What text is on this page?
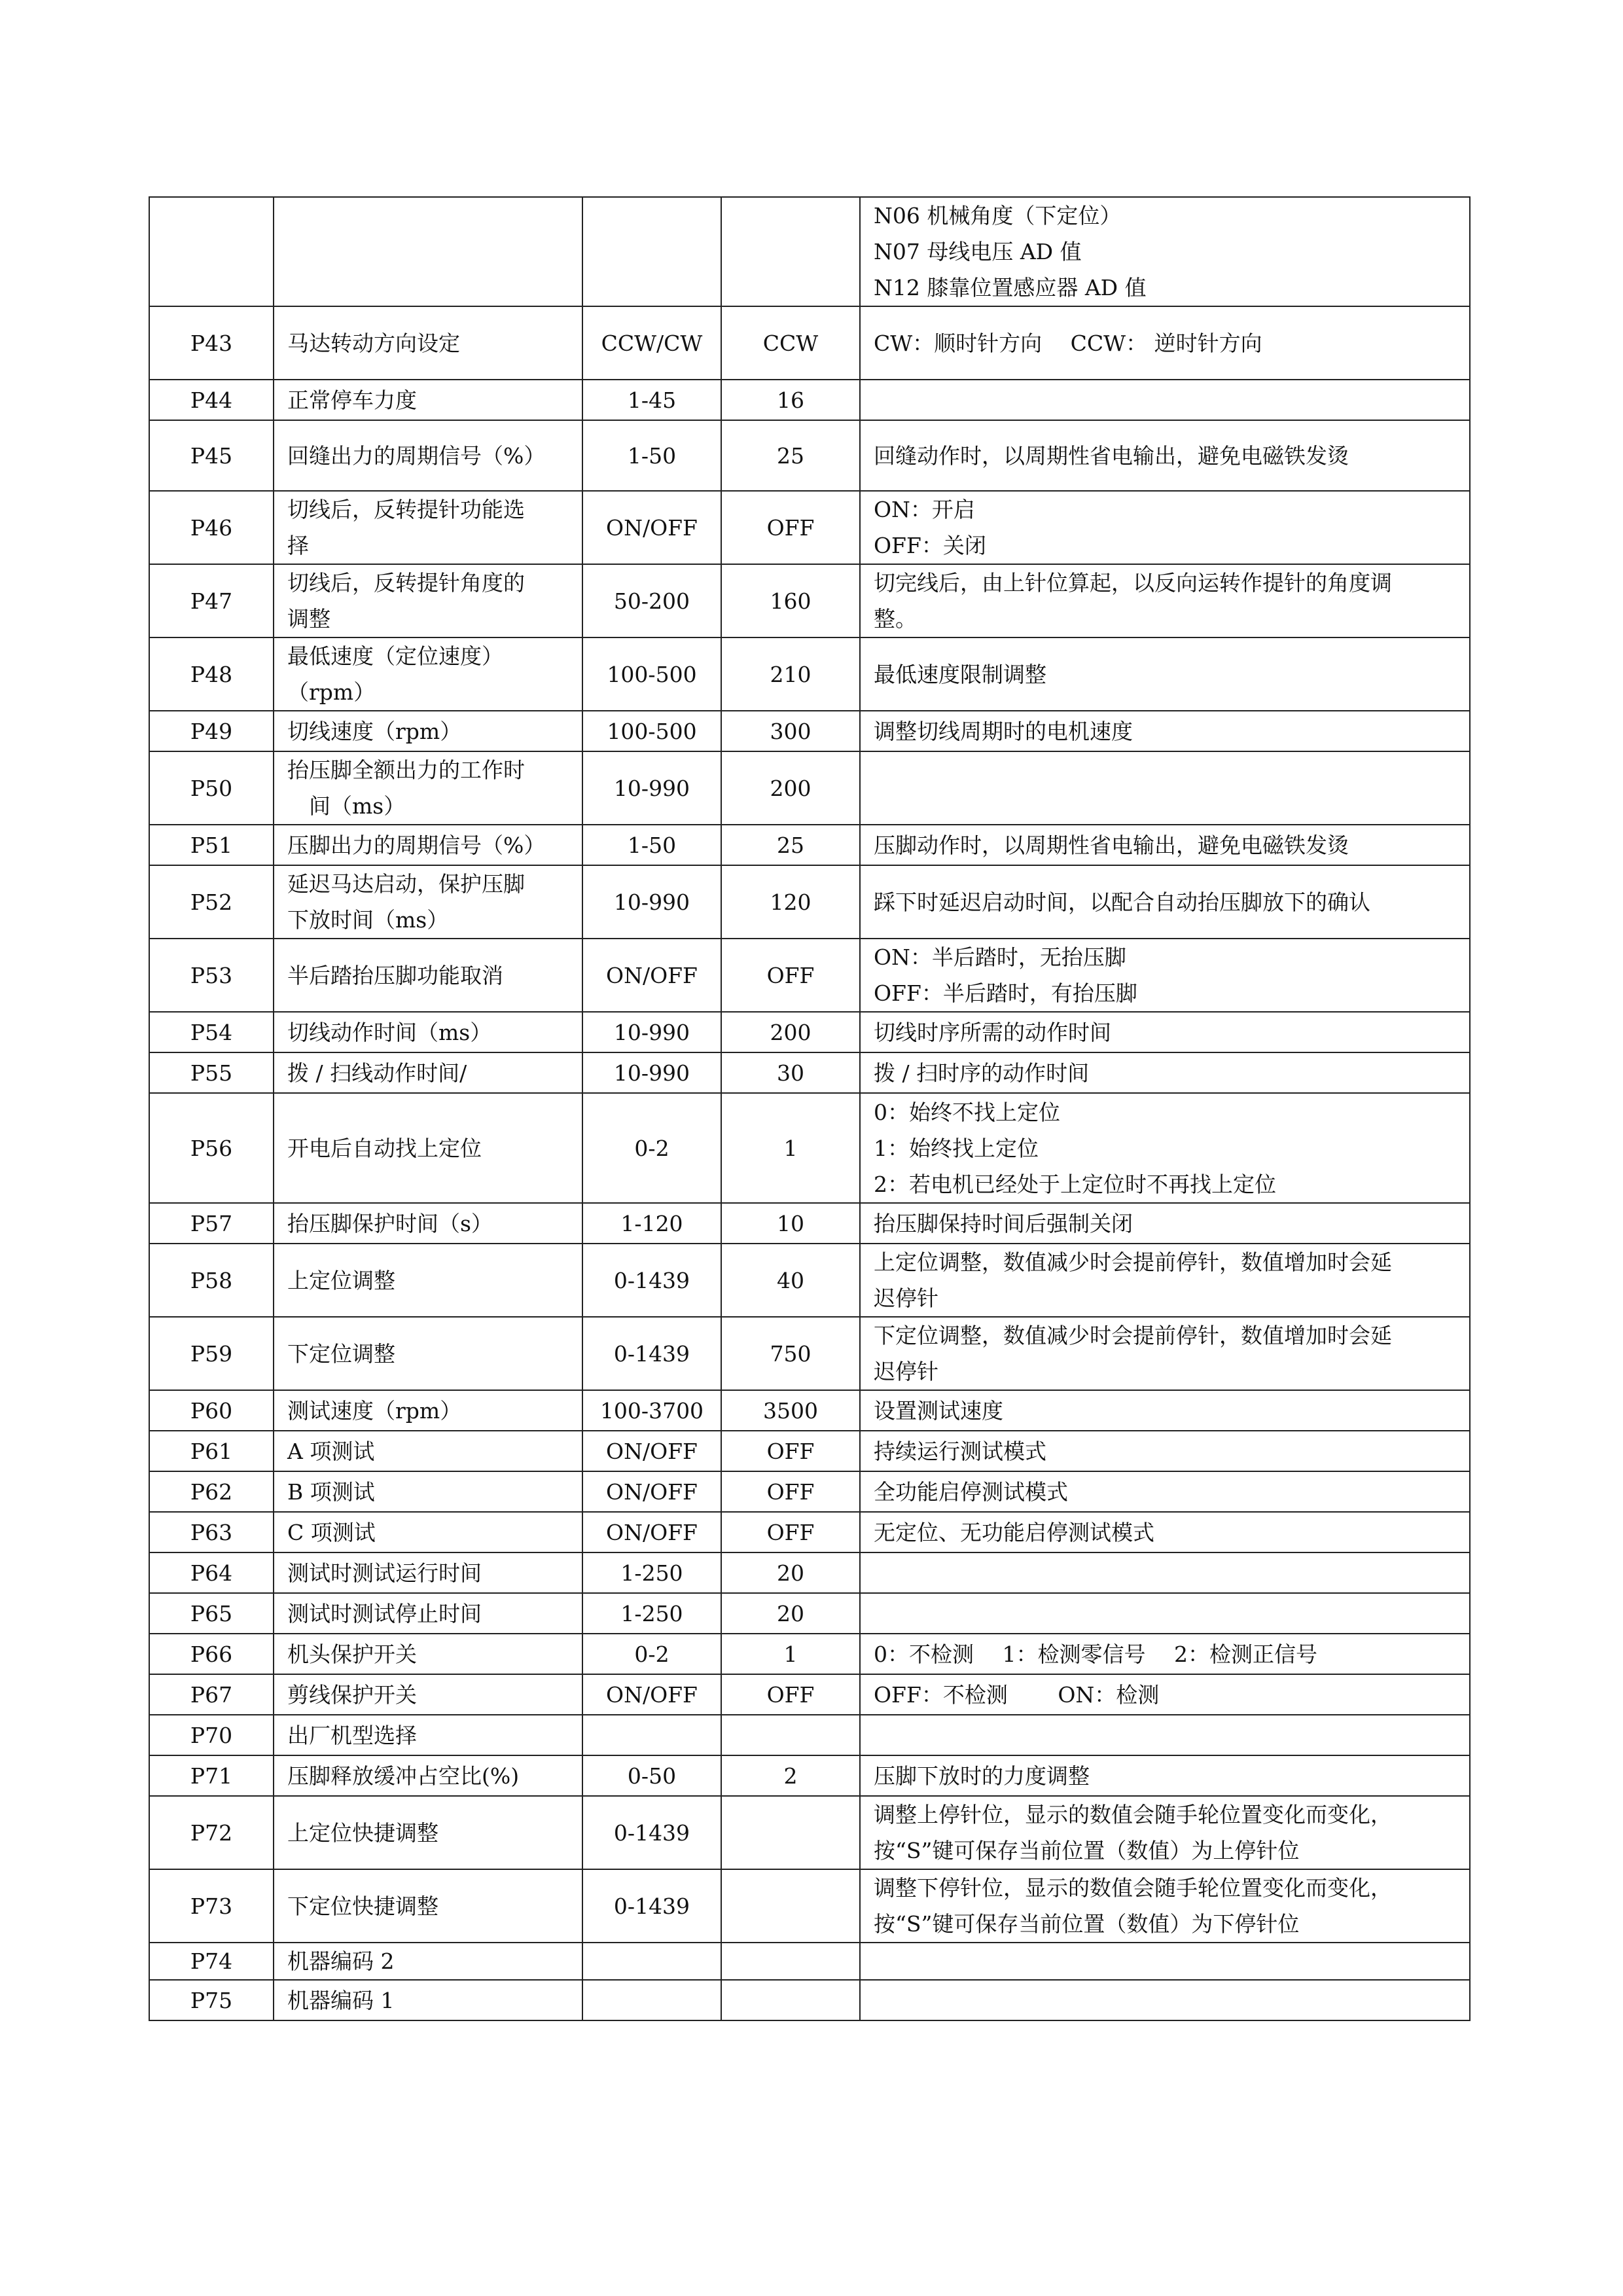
				N06 机械角度（下定位）
N07 母线电压 AD 值
N12 膝靠位置感应器 AD 值

P43	马达转动方向设定	CCW/CW	CCW	CW：顺时针方向　 CCW： 逆时针方向

P44	正常停车力度	1-45	16	
P45	回缝出力的周期信号（%）	1-50	25	回缝动作时，以周期性省电输出，避免电磁铁发烫

P46	切线后，反转提针功能选
择	ON/OFF	OFF	ON：开启
OFF：关闭

P47	切线后，反转提针角度的
调整	50-200	160	切完线后，由上针位算起，以反向运转作提针的角度调
整。

P48	最低速度（定位速度）
（rpm）	100-500	210	最低速度限制调整

P49	切线速度（rpm）	100-500	300	调整切线周期时的电机速度

P50	抬压脚全额出力的工作时
　间（ms）	10-990	200	
P51	压脚出力的周期信号（%）	1-50	25	压脚动作时，以周期性省电输出，避免电磁铁发烫

P52	延迟马达启动，保护压脚
下放时间（ms）	10-990	120	踩下时延迟启动时间，以配合自动抬压脚放下的确认

P53	半后踏抬压脚功能取消	ON/OFF	OFF	ON：半后踏时，无抬压脚
OFF：半后踏时，有抬压脚

P54	切线动作时间（ms）	10-990	200	切线时序所需的动作时间

P55	拨 / 扫线动作时间/	10-990	30	拨 / 扫时序的动作时间

P56	开电后自动找上定位	0-2	1	0：始终不找上定位
1：始终找上定位
2：若电机已经处于上定位时不再找上定位

P57	抬压脚保护时间（s）	1-120	10	抬压脚保持时间后强制关闭

P58	上定位调整	0-1439	40	上定位调整，数值减少时会提前停针，数值增加时会延
迟停针

P59	下定位调整	0-1439	750	下定位调整，数值减少时会提前停针，数值增加时会延
迟停针

P60	测试速度（rpm）	100-3700	3500	设置测试速度

P61	A 项测试	ON/OFF	OFF	持续运行测试模式

P62	B 项测试	ON/OFF	OFF	全功能启停测试模式

P63	C 项测试	ON/OFF	OFF	无定位、无功能启停测试模式

P64	测试时测试运行时间	1-250	20	
P65	测试时测试停止时间	1-250	20	
P66	机头保护开关	0-2	1	0：不检测　 1：检测零信号　 2：检测正信号

P67	剪线保护开关	ON/OFF	OFF	OFF：不检测　　 ON：检测

P70	出厂机型选择			

P71	压脚释放缓冲占空比(%)	0-50	2	压脚下放时的力度调整

P72	上定位快捷调整	0-1439		调整上停针位，显示的数值会随手轮位置变化而变化，
按“S”键可保存当前位置（数值）为上停针位

P73	下定位快捷调整	0-1439		调整下停针位，显示的数值会随手轮位置变化而变化，
按“S”键可保存当前位置（数值）为下停针位

P74	机器编码 2			

P75	机器编码 1			
